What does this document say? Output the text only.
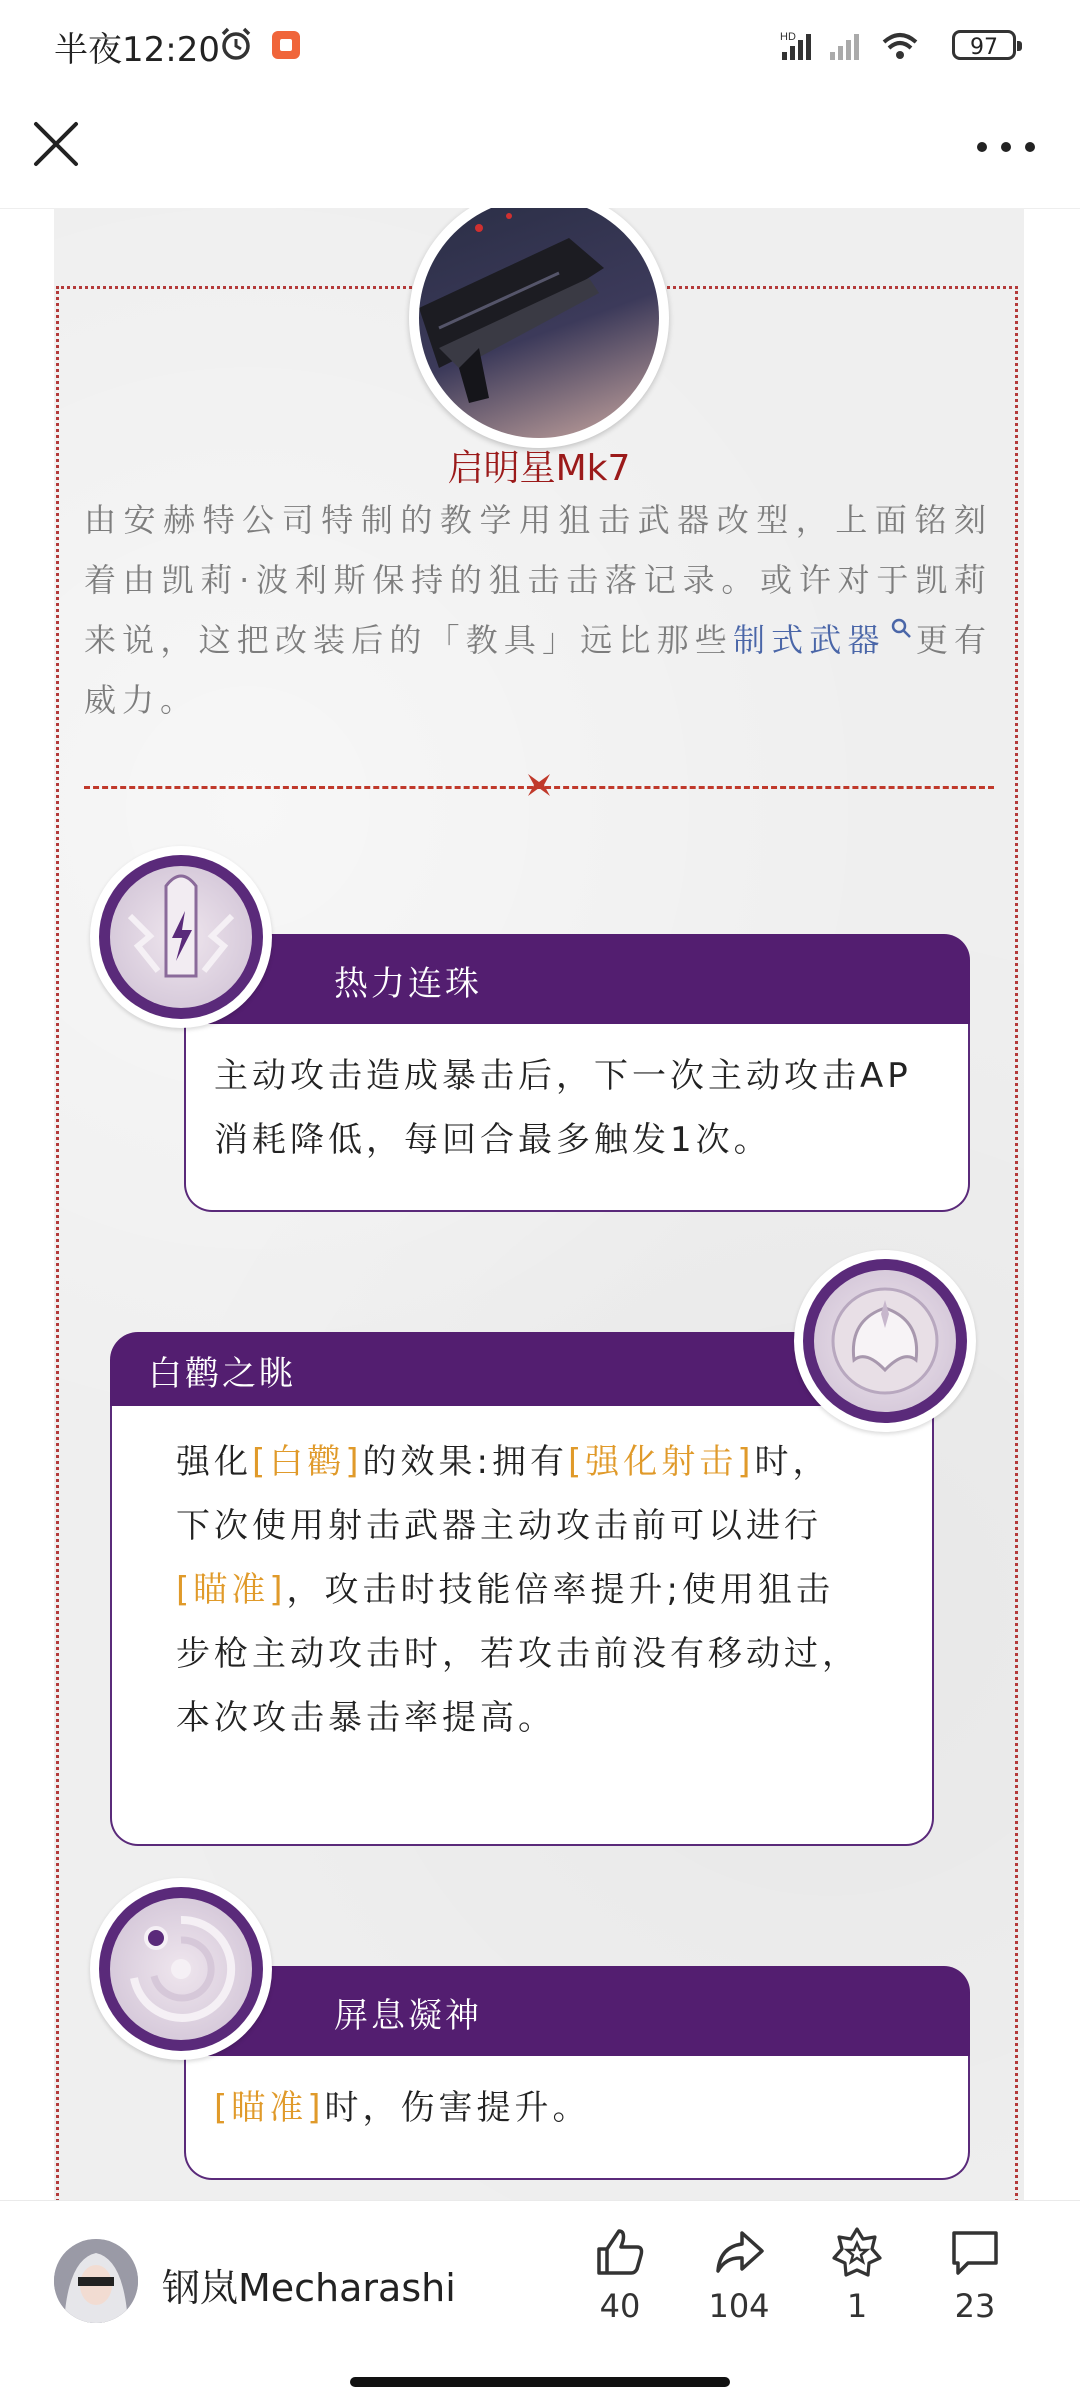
半夜12:20	HD	97
启明星Mk7
由安赫特公司特制的教学用狙击武器改型，上面铭刻着由凯莉·波利斯保持的狙击击落记录。或许对于凯莉来说，这把改装后的「教具」远比那些制式武器 更有威力。
热力连珠
主动攻击造成暴击后，下一次主动攻击AP消耗降低，每回合最多触发1次。
白鹳之眺
强化[白鹳]的效果:拥有[强化射击]时，下次使用射击武器主动攻击前可以进行[瞄准]，攻击时技能倍率提升;使用狙击步枪主动攻击时，若攻击前没有移动过，本次攻击暴击率提高。
屏息凝神
[瞄准]时，伤害提升。
钢岚Mecharashi	40	104	1	23
